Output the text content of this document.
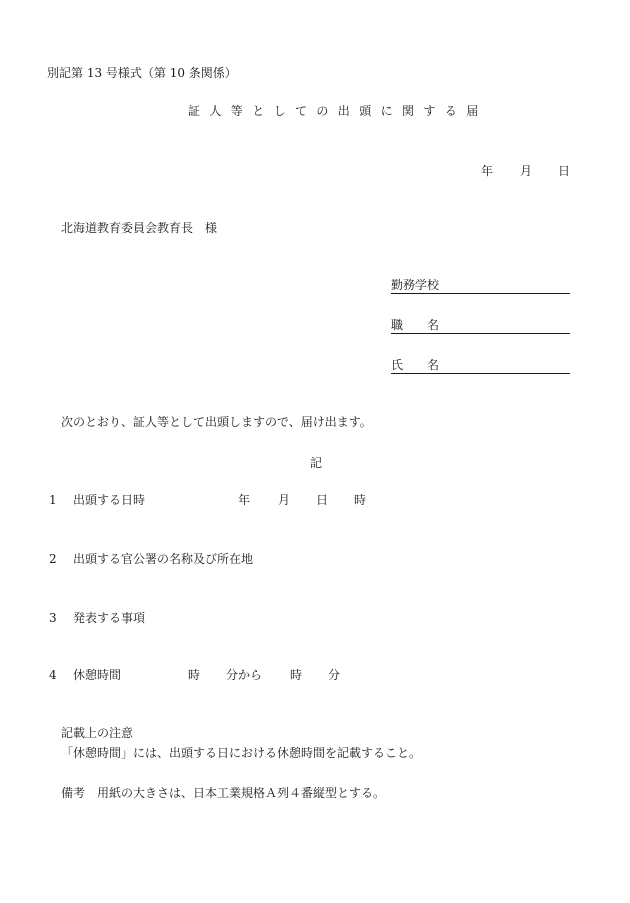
別記第 13 号様式（第 10 条関係）
証人等としての出頭に関する届
年 月 日
北海道教育委員会教育長　様
勤務学校
職　　名
氏　　名
次のとおり、証人等として出頭しますので、届け出ます。
記
1 出頭する日時	年 月 日 時
2 出頭する官公署の名称及び所在地
3 発表する事項
4 休憩時間	時 分から 時 分
記載上の注意
「休憩時間」には、出頭する日における休憩時間を記載すること。
備考 用紙の大きさは、日本工業規格Ａ列４番縦型とする。
